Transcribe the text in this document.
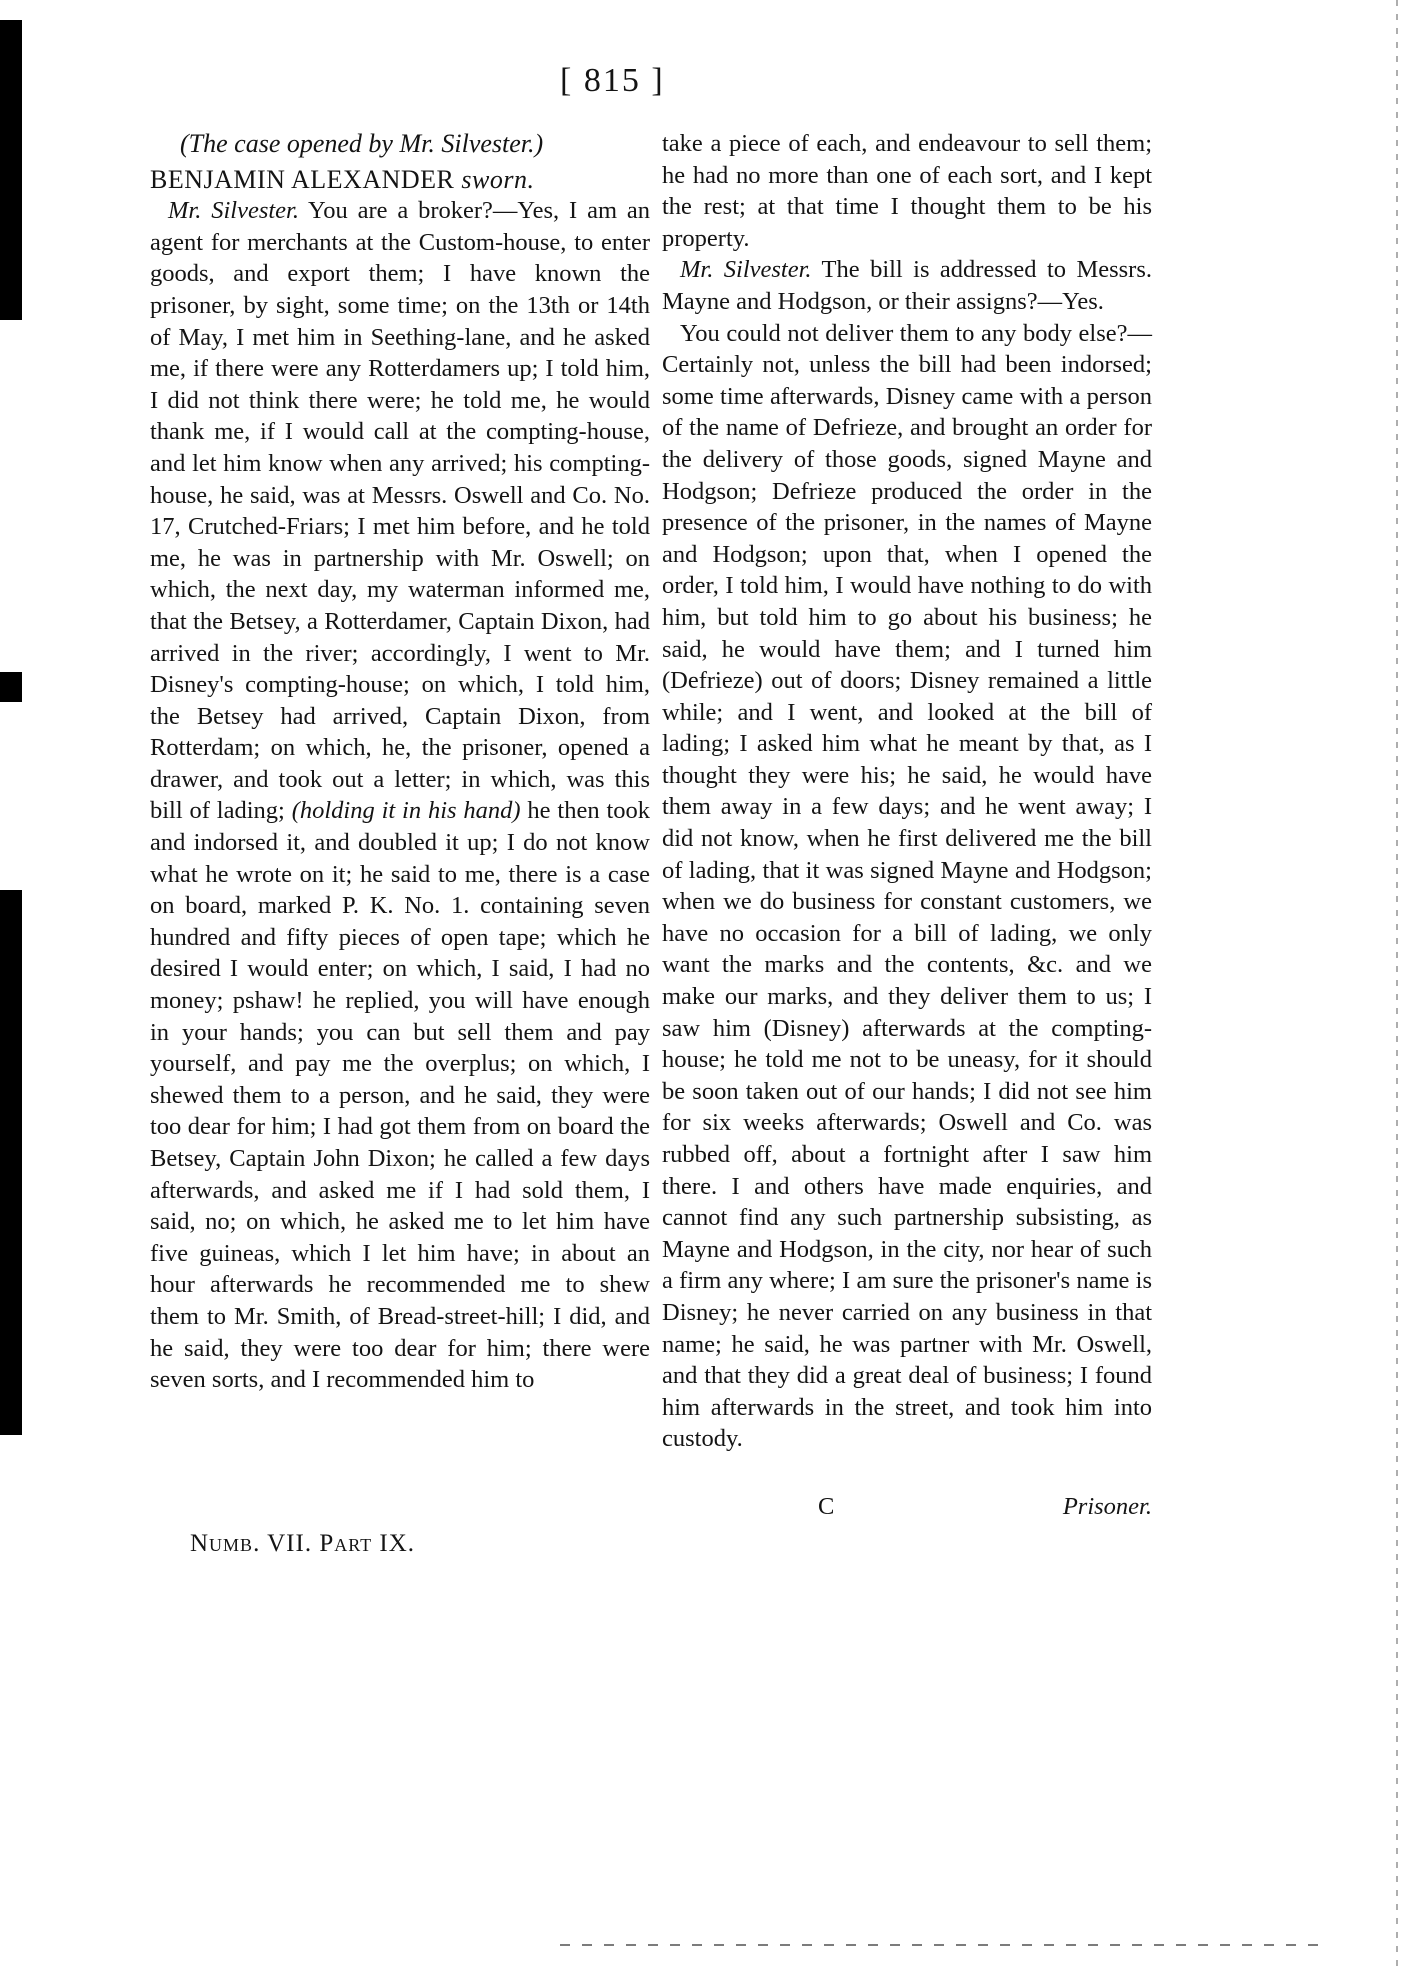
[ 815 ]

(The case opened by Mr. Silvester.)

BENJAMIN ALEXANDER sworn.

Mr. Silvester. You are a broker?—Yes, I am an agent for merchants at the Custom-house, to enter goods, and export them; I have known the prisoner, by sight, some time; on the 13th or 14th of May, I met him in Seething-lane, and he asked me, if there were any Rotterdamers up; I told him, I did not think there were; he told me, he would thank me, if I would call at the compting-house, and let him know when any arrived; his compting-house, he said, was at Messrs. Oswell and Co. No. 17, Crutched-Friars; I met him before, and he told me, he was in partnership with Mr. Oswell; on which, the next day, my waterman informed me, that the Betsey, a Rotterdamer, Captain Dixon, had arrived in the river; accordingly, I went to Mr. Disney's compting-house; on which, I told him, the Betsey had arrived, Captain Dixon, from Rotterdam; on which, he, the prisoner, opened a drawer, and took out a letter; in which, was this bill of lading; (holding it in his hand) he then took and indorsed it, and doubled it up; I do not know what he wrote on it; he said to me, there is a case on board, marked P. K. No. 1. containing seven hundred and fifty pieces of open tape; which he desired I would enter; on which, I said, I had no money; pshaw! he replied, you will have enough in your hands; you can but sell them and pay yourself, and pay me the overplus; on which, I shewed them to a person, and he said, they were too dear for him; I had got them from on board the Betsey, Captain John Dixon; he called a few days afterwards, and asked me if I had sold them, I said, no; on which, he asked me to let him have five guineas, which I let him have; in about an hour afterwards he recommended me to shew them to Mr. Smith, of Bread-street-hill; I did, and he said, they were too dear for him; there were seven sorts, and I recommended him to

take a piece of each, and endeavour to sell them; he had no more than one of each sort, and I kept the rest; at that time I thought them to be his property.

Mr. Silvester. The bill is addressed to Messrs. Mayne and Hodgson, or their assigns?—Yes.

You could not deliver them to any body else?—Certainly not, unless the bill had been indorsed; some time afterwards, Disney came with a person of the name of Defrieze, and brought an order for the delivery of those goods, signed Mayne and Hodgson; Defrieze produced the order in the presence of the prisoner, in the names of Mayne and Hodgson; upon that, when I opened the order, I told him, I would have nothing to do with him, but told him to go about his business; he said, he would have them; and I turned him (Defrieze) out of doors; Disney remained a little while; and I went, and looked at the bill of lading; I asked him what he meant by that, as I thought they were his; he said, he would have them away in a few days; and he went away; I did not know, when he first delivered me the bill of lading, that it was signed Mayne and Hodgson; when we do business for constant customers, we have no occasion for a bill of lading, we only want the marks and the contents, &c. and we make our marks, and they deliver them to us; I saw him (Disney) afterwards at the compting-house; he told me not to be uneasy, for it should be soon taken out of our hands; I did not see him for six weeks afterwards; Oswell and Co. was rubbed off, about a fortnight after I saw him there. I and others have made enquiries, and cannot find any such partnership subsisting, as Mayne and Hodgson, in the city, nor hear of such a firm any where; I am sure the prisoner's name is Disney; he never carried on any business in that name; he said, he was partner with Mr. Oswell, and that they did a great deal of business; I found him afterwards in the street, and took him into custody.

C	Prisoner.
Numb. VII. Part IX.
